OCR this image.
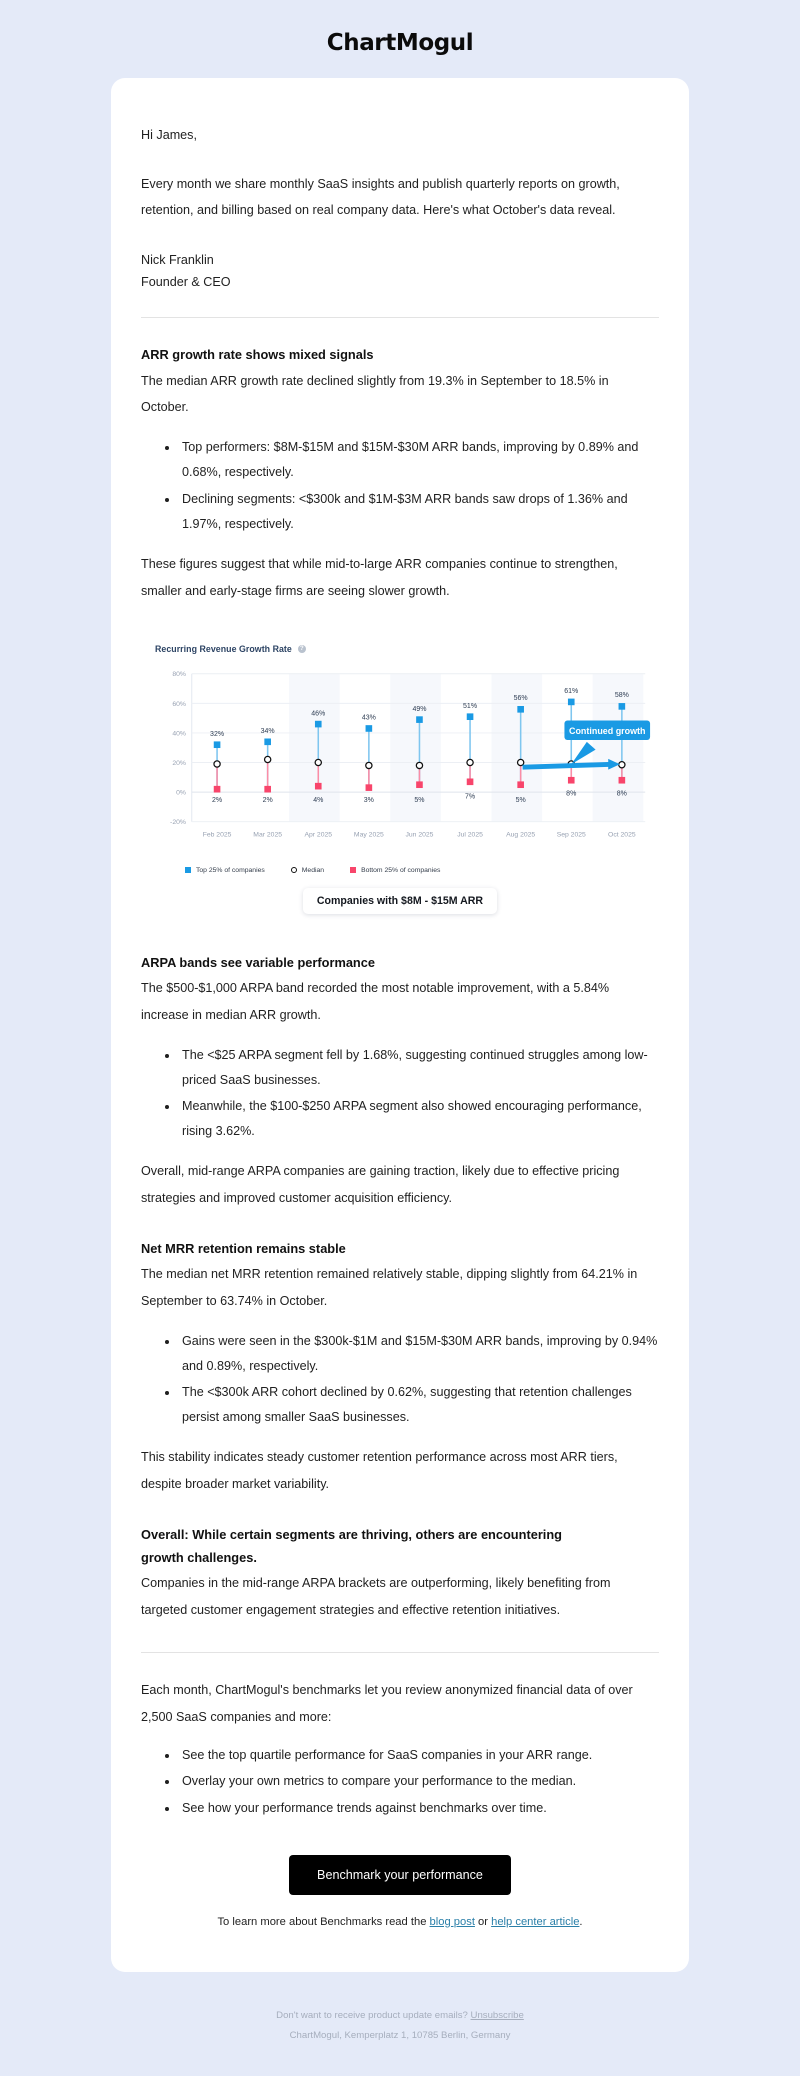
ChartMogul

Hi James,

Every month we share monthly SaaS insights and publish quarterly reports on growth, retention, and billing based on real company data. Here's what October's data reveal.

Nick Franklin

Founder & CEO

ARR growth rate shows mixed signals

The median ARR growth rate declined slightly from 19.3% in September to 18.5% in October.

• Top performers: $8M-$15M and $15M-$30M ARR bands, improving by 0.89% and 0.68%, respectively.
• Declining segments: <$300k and $1M-$3M ARR bands saw drops of 1.36% and 1.97%, respectively.

These figures suggest that while mid-to-large ARR companies continue to strengthen, smaller and early-stage firms are seeing slower growth.

Recurring Revenue Growth Rate	?
80%
60%
40%
20%
0%
-20%
32%
2%
34%
2%
46%
4%
43%
3%
49%
5%
51%
7%
56%
5%
61%
8%
58%
8%
Continued growth
Feb 2025	Mar 2025	Apr 2025	May 2025	Jun 2025	Jul 2025	Aug 2025	Sep 2025	Oct 2025
Top 25% of companies	Median	Bottom 25% of companies
Companies with $8M - $15M ARR
ARPA bands see variable performance

The $500-$1,000 ARPA band recorded the most notable improvement, with a 5.84% increase in median ARR growth.

• The <$25 ARPA segment fell by 1.68%, suggesting continued struggles among low-priced SaaS businesses.
• Meanwhile, the $100-$250 ARPA segment also showed encouraging performance, rising 3.62%.

Overall, mid-range ARPA companies are gaining traction, likely due to effective pricing strategies and improved customer acquisition efficiency.

Net MRR retention remains stable

The median net MRR retention remained relatively stable, dipping slightly from 64.21% in September to 63.74% in October.

• Gains were seen in the $300k-$1M and $15M-$30M ARR bands, improving by 0.94% and 0.89%, respectively.
• The <$300k ARR cohort declined by 0.62%, suggesting that retention challenges persist among smaller SaaS businesses.

This stability indicates steady customer retention performance across most ARR tiers, despite broader market variability.

Overall: While certain segments are thriving, others are encountering
growth challenges.

Companies in the mid-range ARPA brackets are outperforming, likely benefiting from targeted customer engagement strategies and effective retention initiatives.

Each month, ChartMogul's benchmarks let you review anonymized financial data of over 2,500 SaaS companies and more:

• See the top quartile performance for SaaS companies in your ARR range.
• Overlay your own metrics to compare your performance to the median.
• See how your performance trends against benchmarks over time.
Benchmark your performance

To learn more about Benchmarks read the blog post or help center article.

Don't want to receive product update emails? Unsubscribe

ChartMogul, Kemperplatz 1, 10785 Berlin, Germany
